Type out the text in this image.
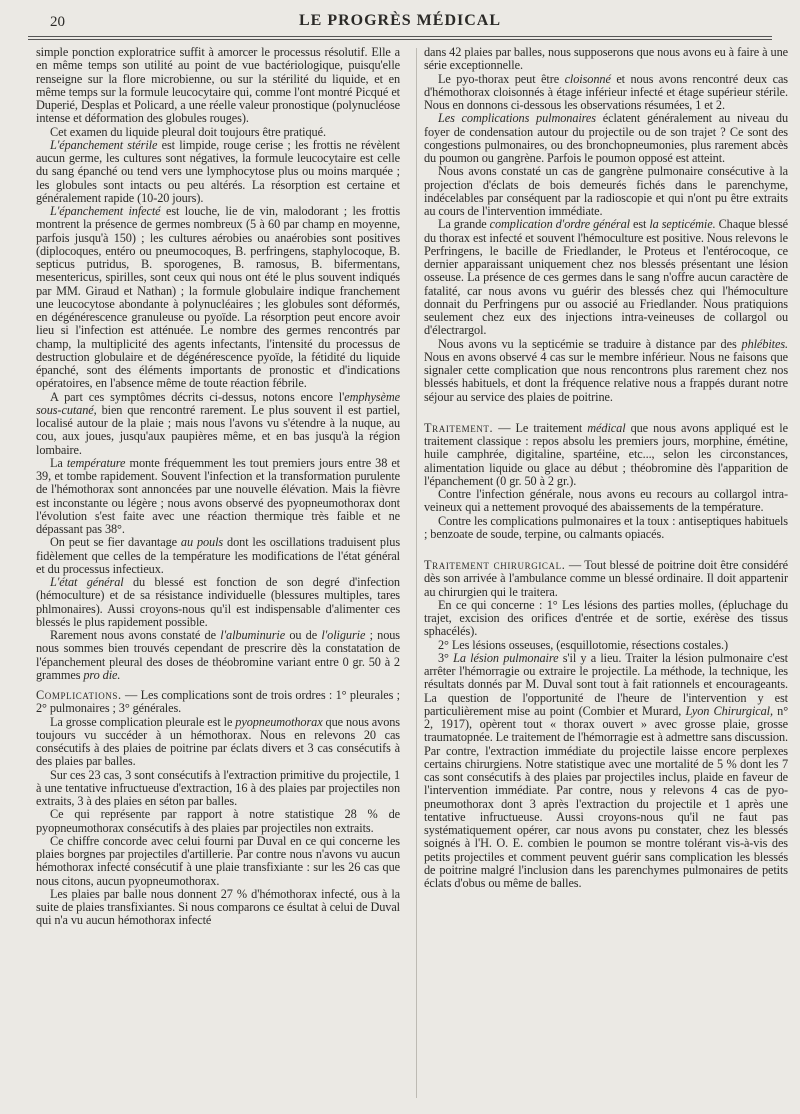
20	LE PROGRÈS MÉDICAL

simple ponction exploratrice suffit à amorcer le processus résolutif. Elle a en même temps son utilité au point de vue bactériologique, puisqu'elle renseigne sur la flore microbienne, ou sur la stérilité du liquide, et en même temps sur la formule leucocytaire qui, comme l'ont montré Picqué et Duperié, Desplas et Policard, a une réelle valeur pronostique (polynucléose intense et déformation des globules rouges).

Cet examen du liquide pleural doit toujours être pratiqué.

L'épanchement stérile est limpide, rouge cerise ; les frottis ne révèlent aucun germe, les cultures sont négatives, la formule leucocytaire est celle du sang épanché ou tend vers une lymphocytose plus ou moins marquée ; les globules sont intacts ou peu altérés. La résorption est certaine et généralement rapide (10-20 jours).

L'épanchement infecté est louche, lie de vin, malodorant ; les frottis montrent la présence de germes nombreux (5 à 60 par champ en moyenne, parfois jusqu'à 150) ; les cultures aérobies ou anaérobies sont positives (diplocoques, entéro ou pneumocoques, B. perfringens, staphylocoque, B. septicus putridus, B. sporogenes, B. ramosus, B. bifermentans, mesentericus, spirilles, sont ceux qui nous ont été le plus souvent indiqués par MM. Giraud et Nathan) ; la formule globulaire indique franchement une leucocytose abondante à polynucléaires ; les globules sont déformés, en dégénérescence granuleuse ou pyoïde. La résorption peut encore avoir lieu si l'infection est atténuée. Le nombre des germes rencontrés par champ, la multiplicité des agents infectants, l'intensité du processus de destruction globulaire et de dégénérescence pyoïde, la fétidité du liquide épanché, sont des éléments importants de pronostic et d'indications opératoires, en l'absence même de toute réaction fébrile.

A part ces symptômes décrits ci-dessus, notons encore l'emphysème sous-cutané, bien que rencontré rarement. Le plus souvent il est partiel, localisé autour de la plaie ; mais nous l'avons vu s'étendre à la nuque, au cou, aux joues, jusqu'aux paupières même, et en bas jusqu'à la région lombaire.

La température monte fréquemment les tout premiers jours entre 38 et 39, et tombe rapidement. Souvent l'infection et la transformation purulente de l'hémothorax sont annoncées par une nouvelle élévation. Mais la fièvre est inconstante ou légère ; nous avons observé des pyopneumothorax dont l'évolution s'est faite avec une réaction thermique très faible et ne dépassant pas 38°.

On peut se fier davantage au pouls dont les oscillations traduisent plus fidèlement que celles de la température les modifications de l'état général et du processus infectieux.

L'état général du blessé est fonction de son degré d'infection (hémoculture) et de sa résistance individuelle (blessures multiples, tares phlmonaires). Aussi croyons-nous qu'il est indispensable d'alimenter ces blessés le plus rapidement possible.

Rarement nous avons constaté de l'albuminurie ou de l'oligurie ; nous nous sommes bien trouvés cependant de prescrire dès la constatation de l'épanchement pleural des doses de théobromine variant entre 0 gr. 50 à 2 grammes pro die.

Complications. — Les complications sont de trois ordres : 1° pleurales ; 2° pulmonaires ; 3° générales.

La grosse complication pleurale est le pyopneumothorax que nous avons toujours vu succéder à un hémothorax. Nous en relevons 20 cas consécutifs à des plaies de poitrine par éclats divers et 3 cas consécutifs à des plaies par balles.

Sur ces 23 cas, 3 sont consécutifs à l'extraction primitive du projectile, 1 à une tentative infructueuse d'extraction, 16 à des plaies par projectiles non extraits, 3 à des plaies en séton par balles.

Ce qui représente par rapport à notre statistique 28 % de pyopneumothorax consécutifs à des plaies par projectiles non extraits.

Ce chiffre concorde avec celui fourni par Duval en ce qui concerne les plaies borgnes par projectiles d'artillerie. Par contre nous n'avons vu aucun hémothorax infecté consécutif à une plaie transfixiante : sur les 26 cas que nous citons, aucun pyopneumothorax.

Les plaies par balle nous donnent 27 % d'hémothorax infecté, ous à la suite de plaies transfixiantes. Si nous comparons ce ésultat à celui de Duval qui n'a vu aucun hémothorax infecté

dans 42 plaies par balles, nous supposerons que nous avons eu à faire à une série exceptionnelle.

Le pyo-thorax peut être cloisonné et nous avons rencontré deux cas d'hémothorax cloisonnés à étage inférieur infecté et étage supérieur stérile. Nous en donnons ci-dessous les observations résumées, 1 et 2.

Les complications pulmonaires éclatent généralement au niveau du foyer de condensation autour du projectile ou de son trajet ? Ce sont des congestions pulmonaires, ou des bronchopneumonies, plus rarement abcès du poumon ou gangrène. Parfois le poumon opposé est atteint.

Nous avons constaté un cas de gangrène pulmonaire consécutive à la projection d'éclats de bois demeurés fichés dans le parenchyme, indécelables par conséquent par la radioscopie et qui n'ont pu être extraits au cours de l'intervention immédiate.

La grande complication d'ordre général est la septicémie. Chaque blessé du thorax est infecté et souvent l'hémoculture est positive. Nous relevons le Perfringens, le bacille de Friedlander, le Proteus et l'entérocoque, ce dernier apparaissant uniquement chez nos blessés présentant une lésion osseuse. La présence de ces germes dans le sang n'offre aucun caractère de fatalité, car nous avons vu guérir des blessés chez qui l'hémoculture donnait du Perfringens pur ou associé au Friedlander. Nous pratiquions seulement chez eux des injections intra-veineuses de collargol ou d'électrargol.

Nous avons vu la septicémie se traduire à distance par des phlébites. Nous en avons observé 4 cas sur le membre inférieur. Nous ne faisons que signaler cette complication que nous rencontrons plus rarement chez nos blessés habituels, et dont la fréquence relative nous a frappés durant notre séjour au service des plaies de poitrine.

Traitement. — Le traitement médical que nous avons appliqué est le traitement classique : repos absolu les premiers jours, morphine, émétine, huile camphrée, digitaline, spartéine, etc..., selon les circonstances, alimentation liquide ou glace au début ; théobromine dès l'apparition de l'épanchement (0 gr. 50 à 2 gr.).

Contre l'infection générale, nous avons eu recours au collargol intra-veineux qui a nettement provoqué des abaissements de la température.

Contre les complications pulmonaires et la toux : antiseptiques habituels ; benzoate de soude, terpine, ou calmants opiacés.

Traitement chirurgical. — Tout blessé de poitrine doit être considéré dès son arrivée à l'ambulance comme un blessé ordinaire. Il doit appartenir au chirurgien qui le traitera.

En ce qui concerne : 1° Les lésions des parties molles, (épluchage du trajet, excision des orifices d'entrée et de sortie, exérèse des tissus sphacélés).

2° Les lésions osseuses, (esquillotomie, résections costales.)

3° La lésion pulmonaire s'il y a lieu. Traiter la lésion pulmonaire c'est arrêter l'hémorragie ou extraire le projectile. La méthode, la technique, les résultats donnés par M. Duval sont tout à fait rationnels et encourageants. La question de l'opportunité de l'heure de l'intervention y est particulièrement mise au point (Combier et Murard, Lyon Chirurgical, n° 2, 1917), opèrent tout « thorax ouvert » avec grosse plaie, grosse traumatopnée. Le traitement de l'hémorragie est à admettre sans discussion. Par contre, l'extraction immédiate du projectile laisse encore perplexes certains chirurgiens. Notre statistique avec une mortalité de 5 % dont les 7 cas sont consécutifs à des plaies par projectiles inclus, plaide en faveur de l'intervention immédiate. Par contre, nous y relevons 4 cas de pyo-pneumothorax dont 3 après l'extraction du projectile et 1 après une tentative infructueuse. Aussi croyons-nous qu'il ne faut pas systématiquement opérer, car nous avons pu constater, chez les blessés soignés à l'H. O. E. combien le poumon se montre tolérant vis-à-vis des petits projectiles et comment peuvent guérir sans complication les blessés de poitrine malgré l'inclusion dans les parenchymes pulmonaires de petits éclats d'obus ou même de balles.
